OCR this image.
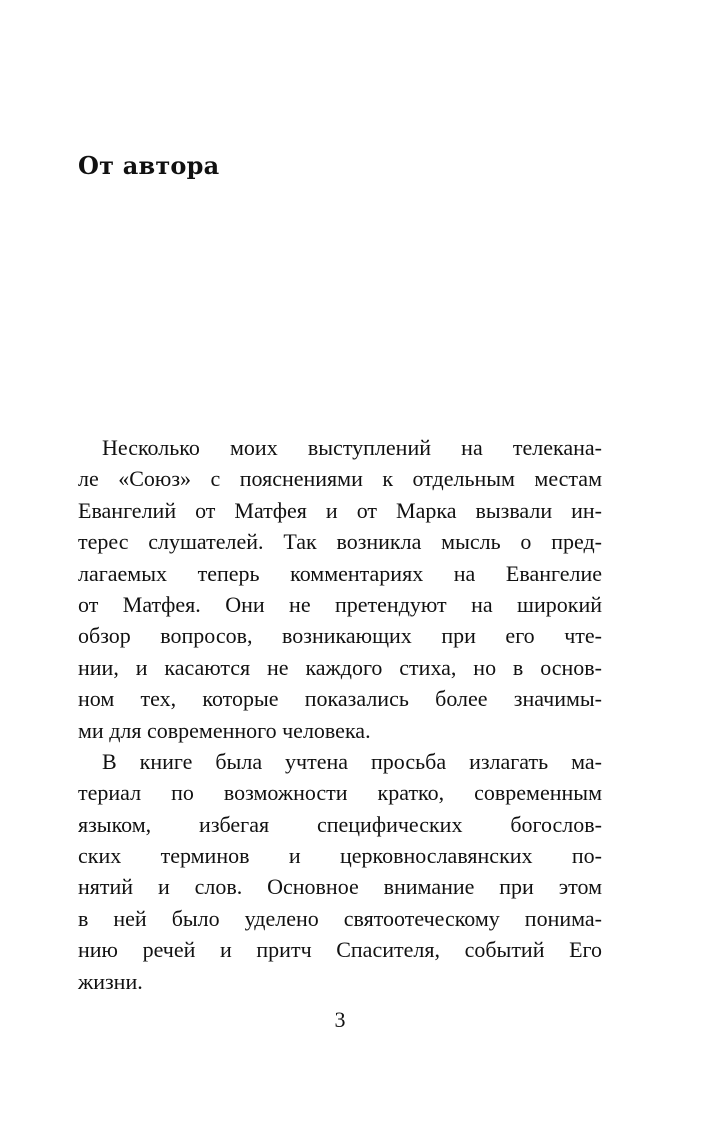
От автора
Несколько моих выступлений на телекана-
ле «Союз» с пояснениями к отдельным местам
Евангелий от Матфея и от Марка вызвали ин-
терес слушателей. Так возникла мысль о пред-
лагаемых теперь комментариях на Евангелие
от Матфея. Они не претендуют на широкий
обзор вопросов, возникающих при его чте-
нии, и касаются не каждого стиха, но в основ-
ном тех, которые показались более значимы-
ми для современного человека.
В книге была учтена просьба излагать ма-
териал по возможности кратко, современным
языком, избегая специфических богослов-
ских терминов и церковнославянских по-
нятий и слов. Основное внимание при этом
в ней было уделено святоотеческому понима-
нию речей и притч Спасителя, событий Его
жизни.
3
